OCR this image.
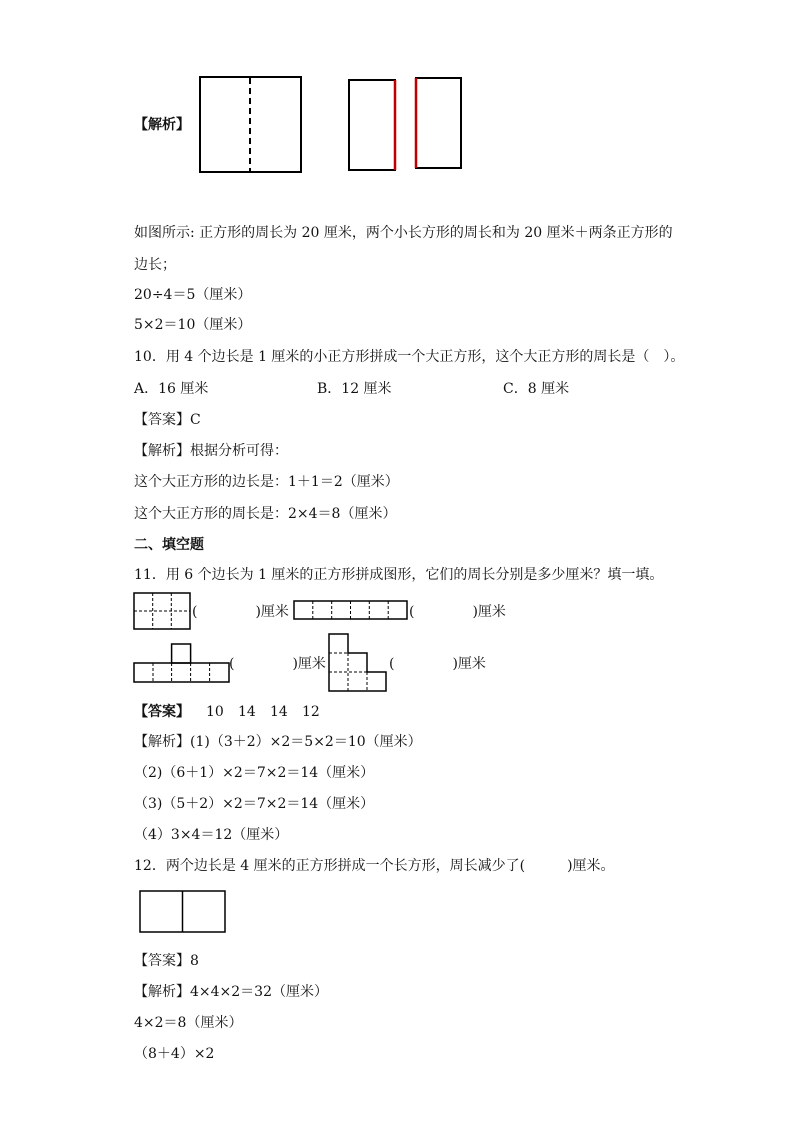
【解析】
如图所示: 正方形的周长为 20 厘米，两个小长方形的周长和为 20 厘米＋两条正方形的
边长；
20÷4＝5（厘米）
5×2＝10（厘米）
10．用 4 个边长是 1 厘米的小正方形拼成一个大正方形，这个大正方形的周长是（　）。
A．16 厘米	B．12 厘米	C．8 厘米
【答案】C
【解析】根据分析可得：
这个大正方形的边长是：1＋1＝2（厘米）
这个大正方形的周长是：2×4＝8（厘米）
二、填空题
11．用 6 个边长为 1 厘米的正方形拼成图形，它们的周长分别是多少厘米？填一填。
(	)厘米	(	)厘米
(	)厘米	(	)厘米
【答案】 10 14 14 12
【解析】(1)（3＋2）×2＝5×2＝10（厘米）
（2)（6＋1）×2＝7×2＝14（厘米）
（3)（5＋2）×2＝7×2＝14（厘米）
（4）3×4＝12（厘米）
12．两个边长是 4 厘米的正方形拼成一个长方形，周长减少了(　　　)厘米。
【答案】8
【解析】4×4×2＝32（厘米）
4×2＝8（厘米）
（8＋4）×2
